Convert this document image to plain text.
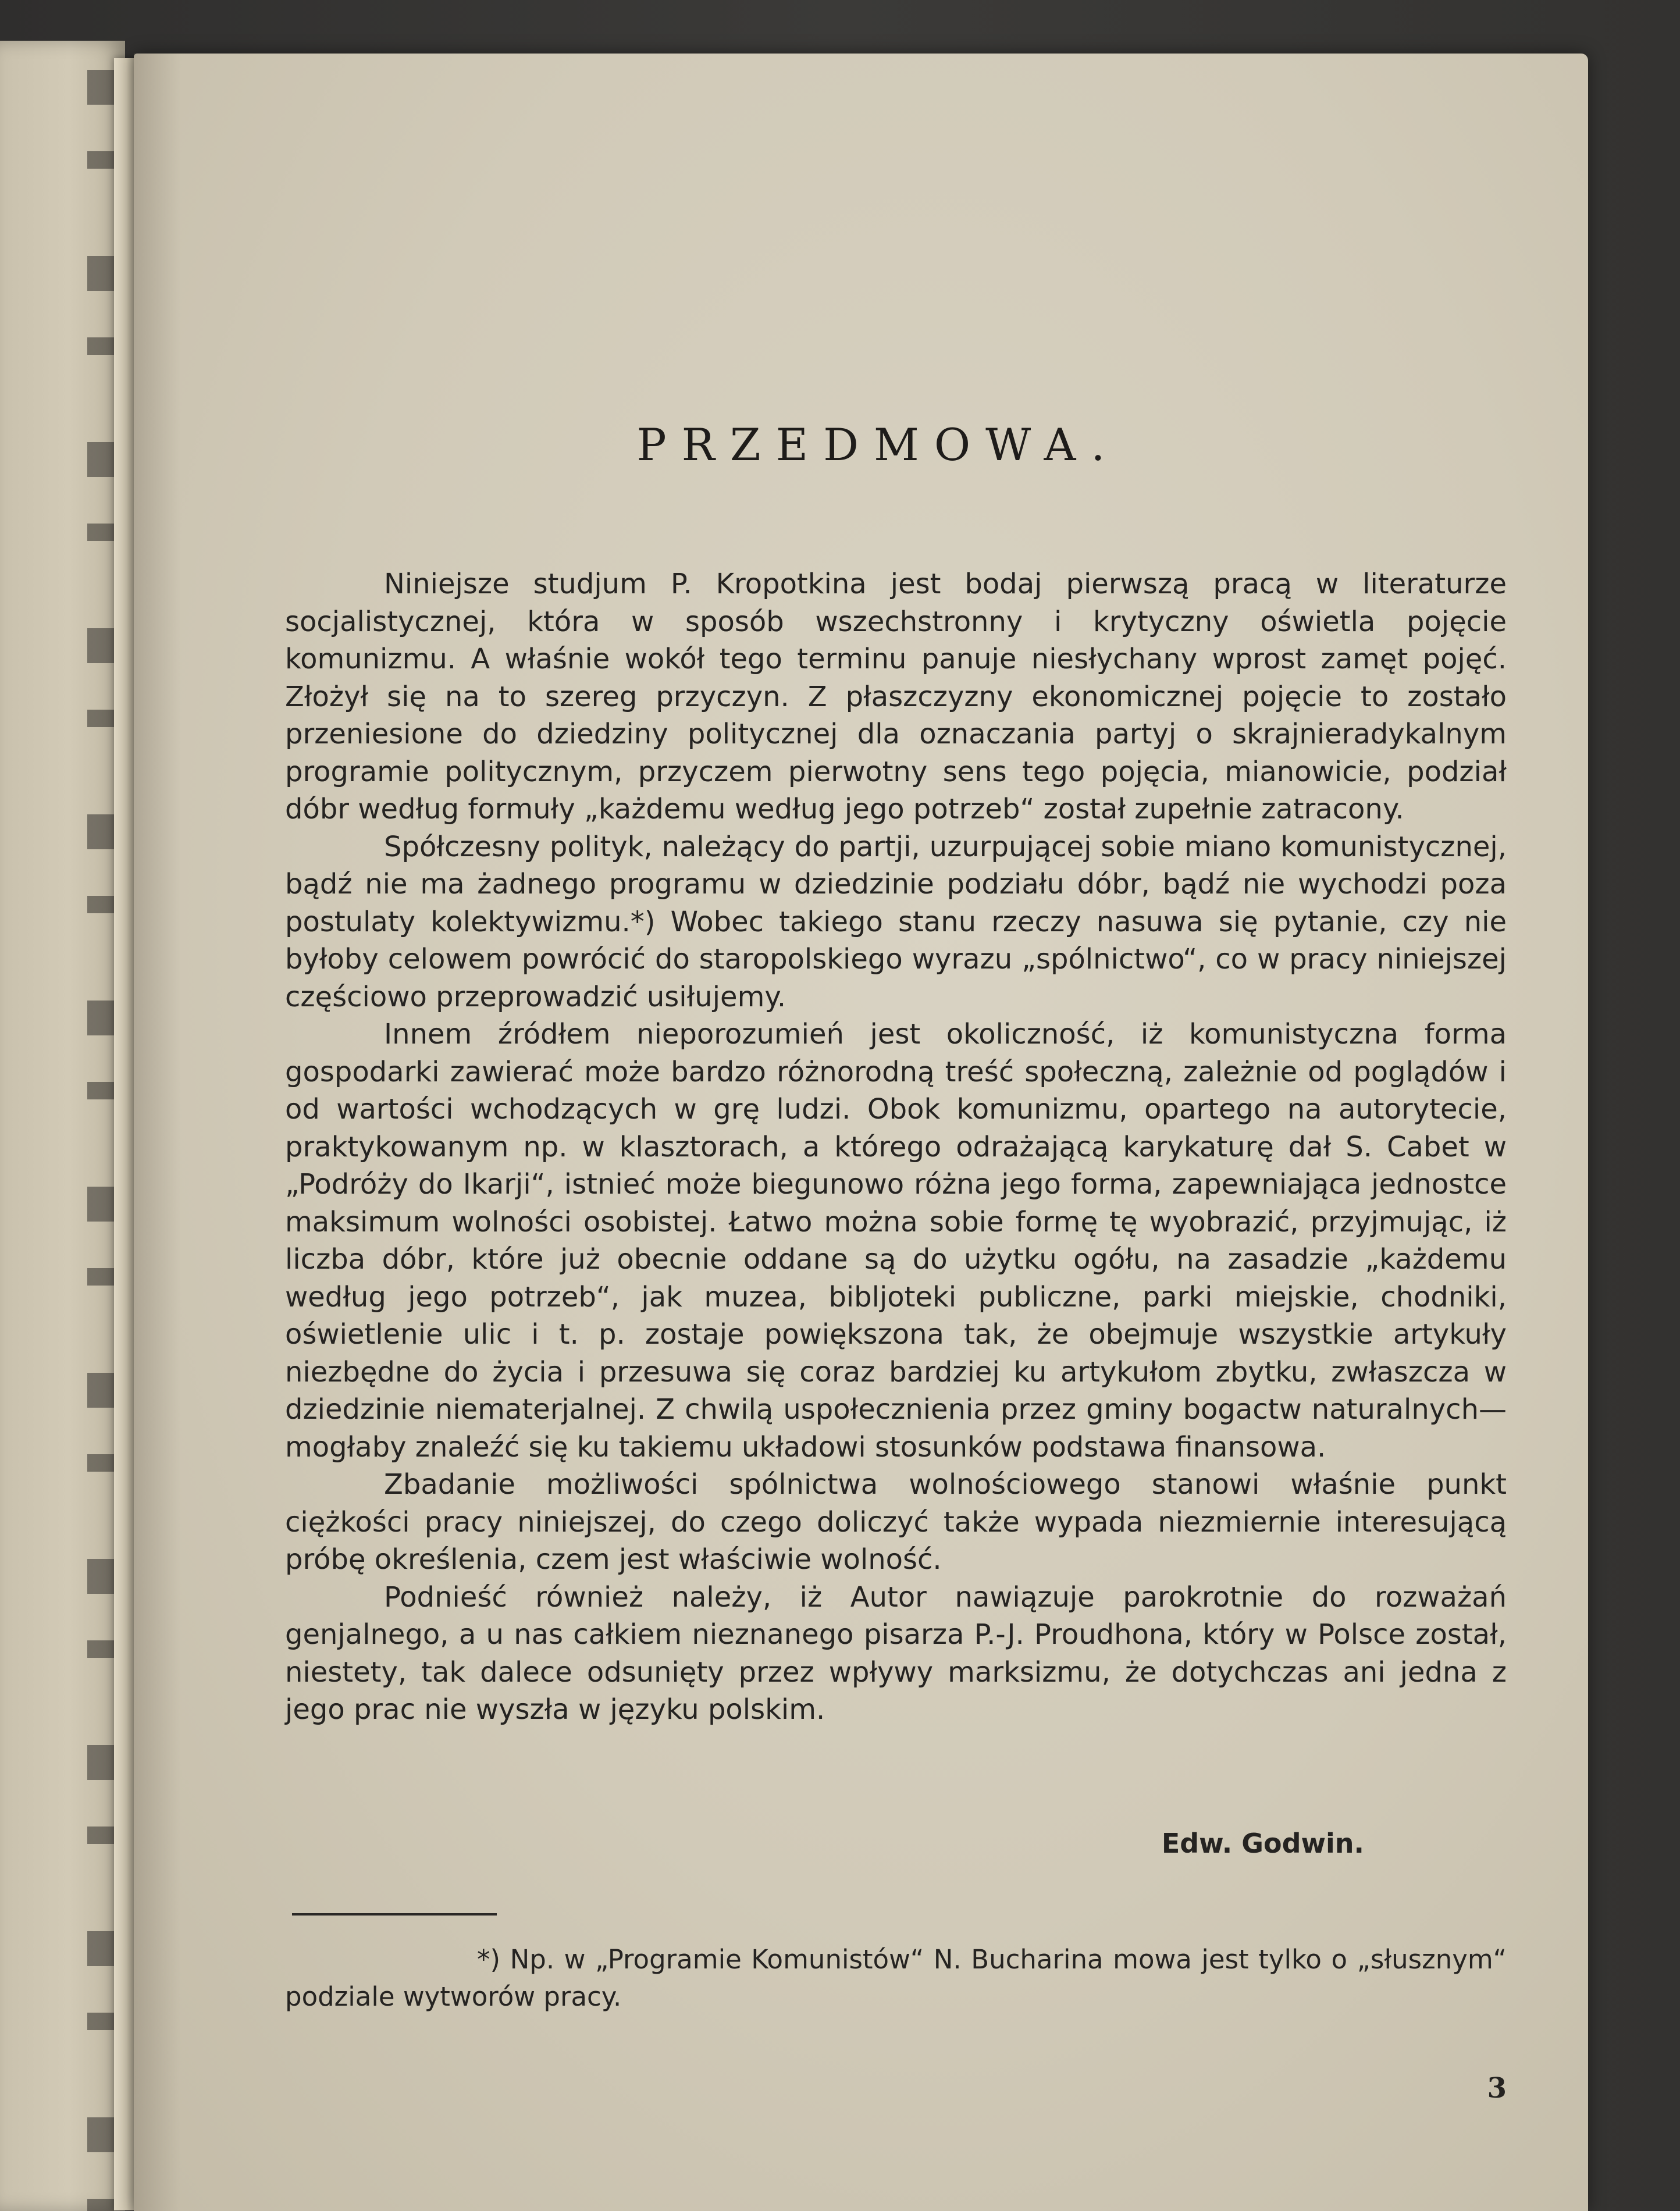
PRZEDMOWA.

Niniejsze studjum P. Kropotkina jest bodaj pierwszą pracą w literaturze socjalistycznej, która w sposób wszechstronny i krytyczny oświetla pojęcie komunizmu. A właśnie wokół tego terminu panuje niesłychany wprost zamęt pojęć. Złożył się na to szereg przyczyn. Z płaszczyzny ekonomicznej pojęcie to zostało przeniesione do dziedziny politycznej dla oznaczania partyj o skrajnieradykalnym programie politycznym, przyczem pierwotny sens tego pojęcia, mianowicie, podział dóbr według formuły „każdemu według jego potrzeb“ został zupełnie zatracony.

Spółczesny polityk, należący do partji, uzurpującej sobie miano komunistycznej, bądź nie ma żadnego programu w dziedzinie podziału dóbr, bądź nie wychodzi poza postulaty kolektywizmu.*) Wobec takiego stanu rzeczy nasuwa się pytanie, czy nie byłoby celowem powrócić do staropolskiego wyrazu „spólnictwo“, co w pracy niniejszej częściowo przeprowadzić usiłujemy.

Innem źródłem nieporozumień jest okoliczność, iż komunistyczna forma gospodarki zawierać może bardzo różnorodną treść społeczną, zależnie od poglądów i od wartości wchodzących w grę ludzi. Obok komunizmu, opartego na autorytecie, praktykowanym np. w klasztorach, a którego odrażającą karykaturę dał S. Cabet w „Podróży do Ikarji“, istnieć może biegunowo różna jego forma, zapewniająca jednostce maksimum wolności osobistej. Łatwo można sobie formę tę wyobrazić, przyjmując, iż liczba dóbr, które już obecnie oddane są do użytku ogółu, na zasadzie „każdemu według jego potrzeb“, jak muzea, bibljoteki publiczne, parki miejskie, chodniki, oświetlenie ulic i t. p. zostaje powiększona tak, że obejmuje wszystkie artykuły niezbędne do życia i przesuwa się coraz bardziej ku artykułom zbytku, zwłaszcza w dziedzinie niematerjalnej. Z chwilą uspołecznienia przez gminy bogactw naturalnych— mogłaby znaleźć się ku takiemu układowi stosunków podstawa finansowa.

Zbadanie możliwości spólnictwa wolnościowego stanowi właśnie punkt ciężkości pracy niniejszej, do czego doliczyć także wypada niezmiernie interesującą próbę określenia, czem jest właściwie wolność.

Podnieść również należy, iż Autor nawiązuje parokrotnie do rozważań genjalnego, a u nas całkiem nieznanego pisarza P.-J. Proudhona, który w Polsce został, niestety, tak dalece odsunięty przez wpływy marksizmu, że dotychczas ani jedna z jego prac nie wyszła w języku polskim.

Edw. Godwin.
*) Np. w „Programie Komunistów“ N. Bucharina mowa jest tylko o „słusznym“ podziale wytworów pracy.
3
